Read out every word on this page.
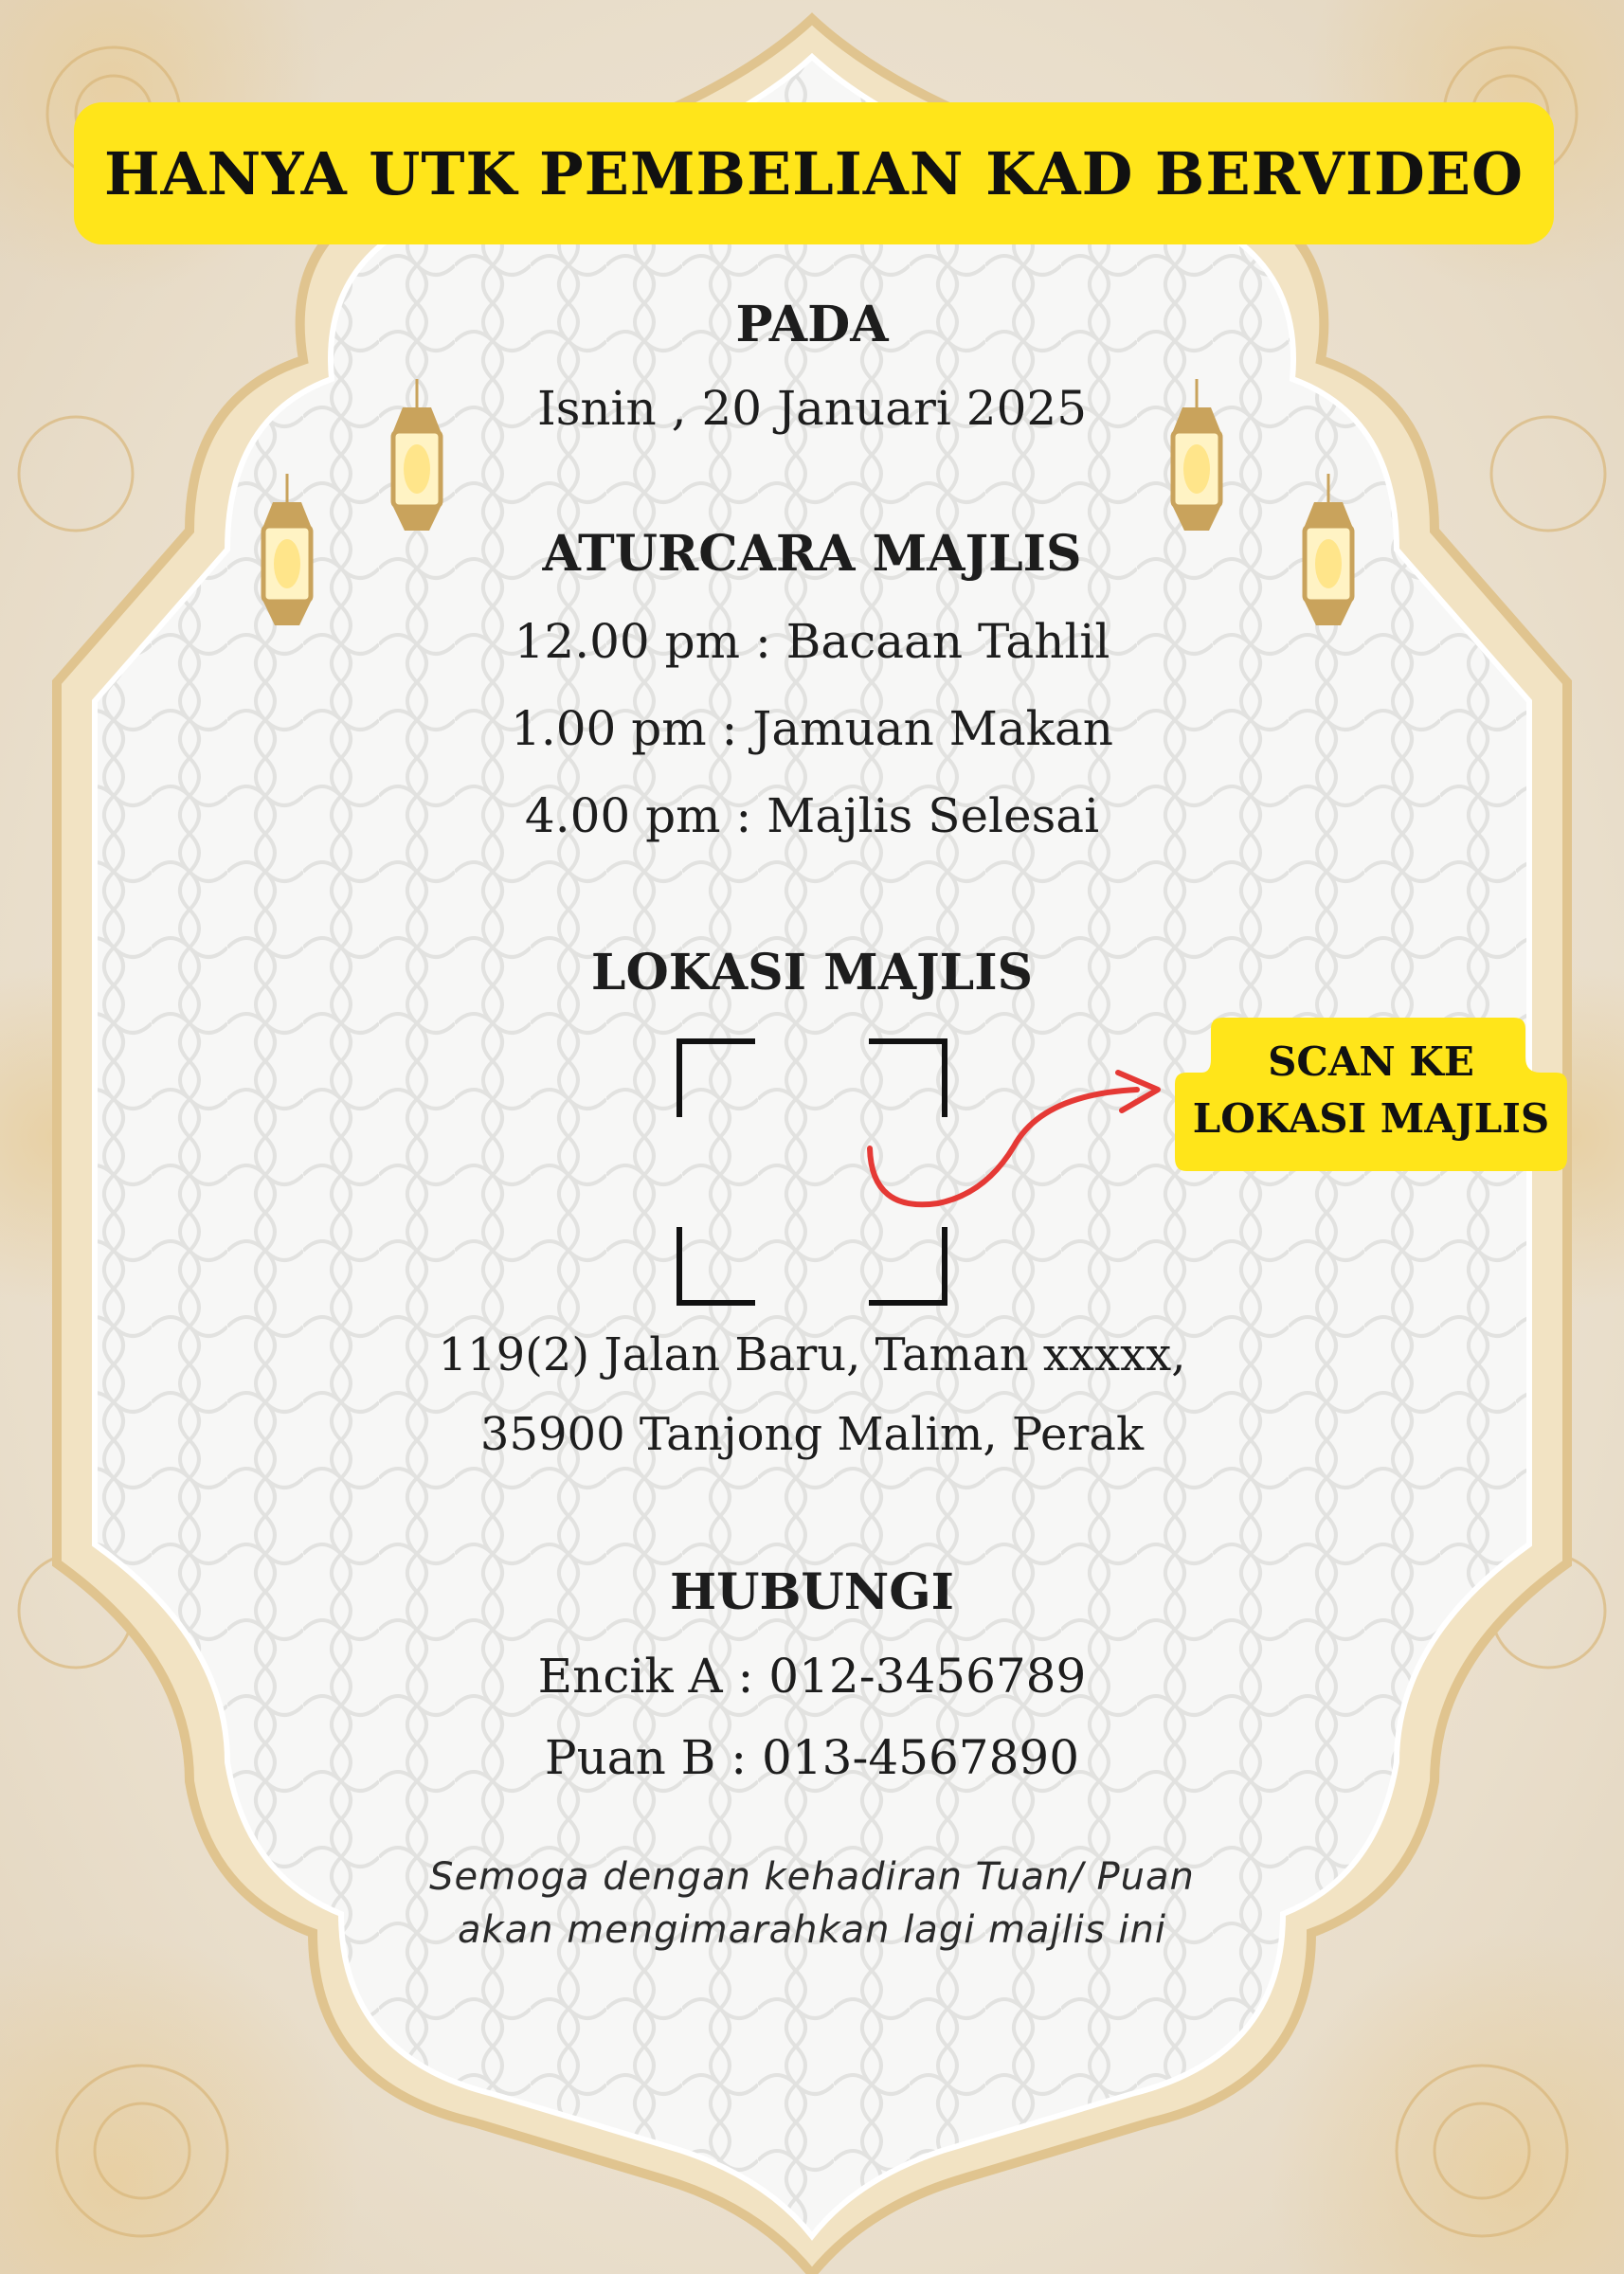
HANYA UTK PEMBELIAN KAD BERVIDEO
PADA
Isnin , 20 Januari 2025
ATURCARA MAJLIS
12.00 pm : Bacaan Tahlil
1.00 pm : Jamuan Makan
4.00 pm : Majlis Selesai
LOKASI MAJLIS
SCAN KE
LOKASI MAJLIS
119(2) Jalan Baru, Taman xxxxx,
35900 Tanjong Malim, Perak
HUBUNGI
Encik A : 012-3456789
Puan B : 013-4567890
Semoga dengan kehadiran Tuan/ Puan
akan mengimarahkan lagi majlis ini
